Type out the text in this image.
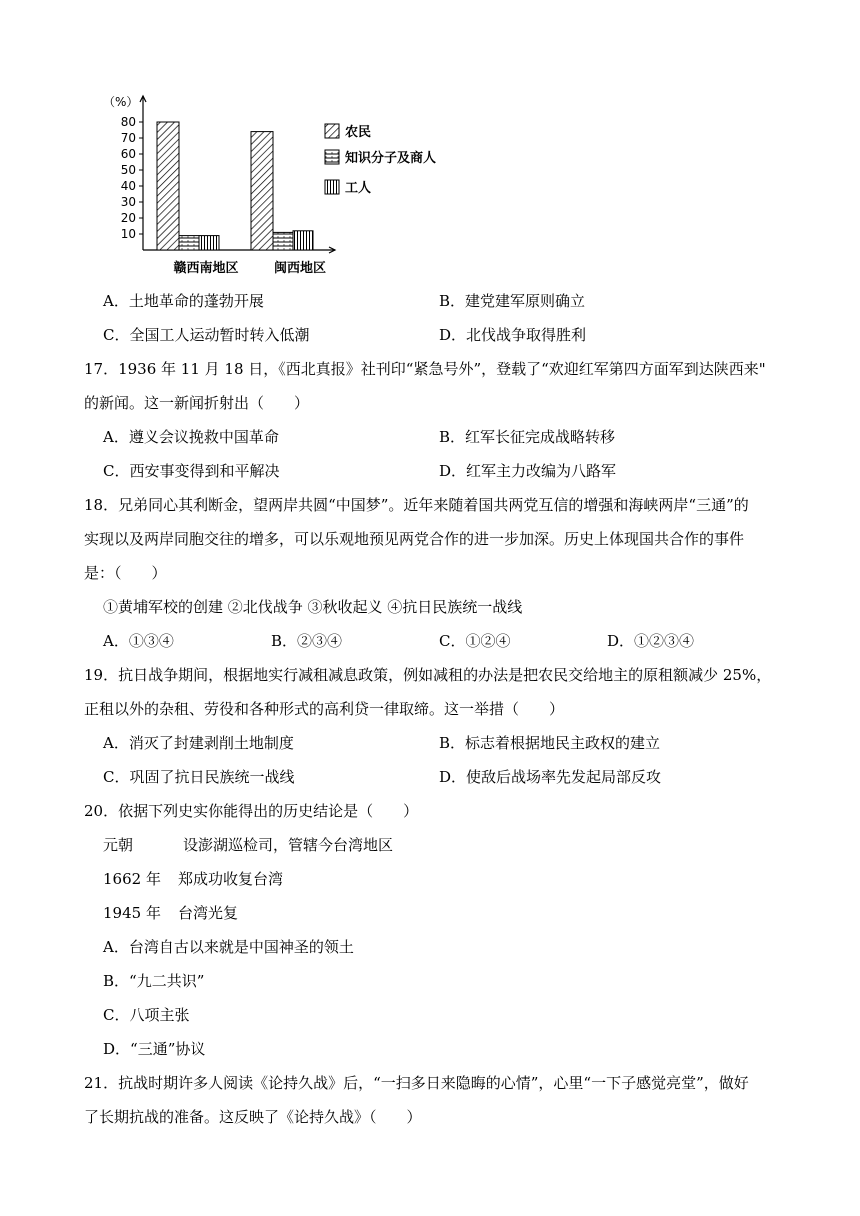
（%）
10
20
30
40
50
60
70
80
赣西南地区	闽西地区
农民
知识分子及商人
工人
A．土地革命的蓬勃开展	B．建党建军原则确立
C．全国工人运动暂时转入低潮	D．北伐战争取得胜利
17．1936 年 11 月 18 日，《西北真报》社刊印“紧急号外”，登载了“欢迎红军第四方面军到达陕西来"
的新闻。这一新闻折射出（　　）
A．遵义会议挽救中国革命	B．红军长征完成战略转移
C．西安事变得到和平解决	D．红军主力改编为八路军
18．兄弟同心其利断金，望两岸共圆“中国梦”。近年来随着国共两党互信的增强和海峡两岸“三通”的
实现以及两岸同胞交往的增多，可以乐观地预见两党合作的进一步加深。历史上体现国共合作的事件
是：（　　）
①黄埔军校的创建 ②北伐战争 ③秋收起义 ④抗日民族统一战线
A．①③④	B．②③④	C．①②④	D．①②③④
19．抗日战争期间，根据地实行减租减息政策，例如减租的办法是把农民交给地主的原租额减少 25%，
正租以外的杂租、劳役和各种形式的高利贷一律取缔。这一举措（　　）
A．消灭了封建剥削土地制度	B．标志着根据地民主政权的建立
C．巩固了抗日民族统一战线	D．使敌后战场率先发起局部反攻
20．依据下列史实你能得出的历史结论是（　　）
元朝	设澎湖巡检司，管辖今台湾地区
1662 年 郑成功收复台湾
1945 年 台湾光复
A．台湾自古以来就是中国神圣的领土
B．“九二共识”
C．八项主张
D．“三通”协议
21．抗战时期许多人阅读《论持久战》后，“一扫多日来隐晦的心情”，心里“一下子感觉亮堂”，做好
了长期抗战的准备。这反映了《论持久战》（　　）
